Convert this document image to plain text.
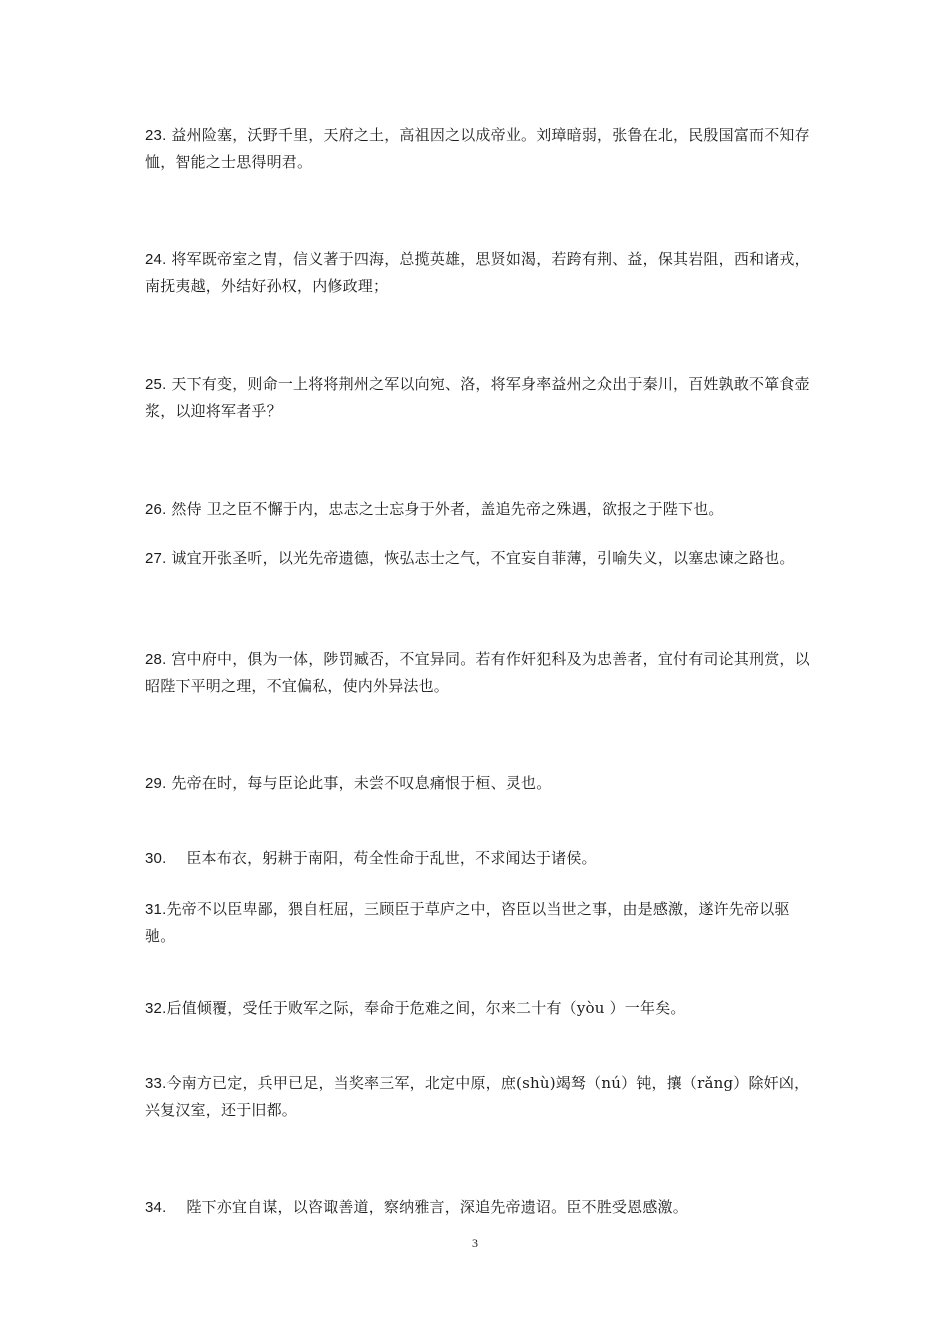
23. 益州险塞，沃野千里，天府之土，高祖因之以成帝业。刘璋暗弱，张鲁在北，民殷国富而不知存恤，智能之士思得明君。

24. 将军既帝室之胄，信义著于四海，总揽英雄，思贤如渴，若跨有荆、益，保其岩阻，西和诸戎，南抚夷越，外结好孙权，内修政理；

25. 天下有变，则命一上将将荆州之军以向宛、洛，将军身率益州之众出于秦川，百姓孰敢不箪食壶浆，以迎将军者乎？

26. 然侍 卫之臣不懈于内，忠志之士忘身于外者，盖追先帝之殊遇，欲报之于陛下也。

27. 诚宜开张圣听，以光先帝遗德，恢弘志士之气，不宜妄自菲薄，引喻失义，以塞忠谏之路也。

28. 宫中府中，俱为一体，陟罚臧否，不宜异同。若有作奸犯科及为忠善者，宜付有司论其刑赏，以昭陛下平明之理，不宜偏私，使内外异法也。

29. 先帝在时，每与臣论此事，未尝不叹息痛恨于桓、灵也。

30.    臣本布衣，躬耕于南阳，苟全性命于乱世，不求闻达于诸侯。

31.先帝不以臣卑鄙，猥自枉屈，三顾臣于草庐之中，咨臣以当世之事，由是感激，遂许先帝以驱驰。

32.后值倾覆，受任于败军之际，奉命于危难之间，尔来二十有（yòu ）一年矣。

33.今南方已定，兵甲已足，当奖率三军，北定中原，庶(shù)竭驽（nú）钝，攘（rǎng）除奸凶，兴复汉室，还于旧都。

34.    陛下亦宜自谋，以咨诹善道，察纳雅言，深追先帝遗诏。臣不胜受恩感激。

3
